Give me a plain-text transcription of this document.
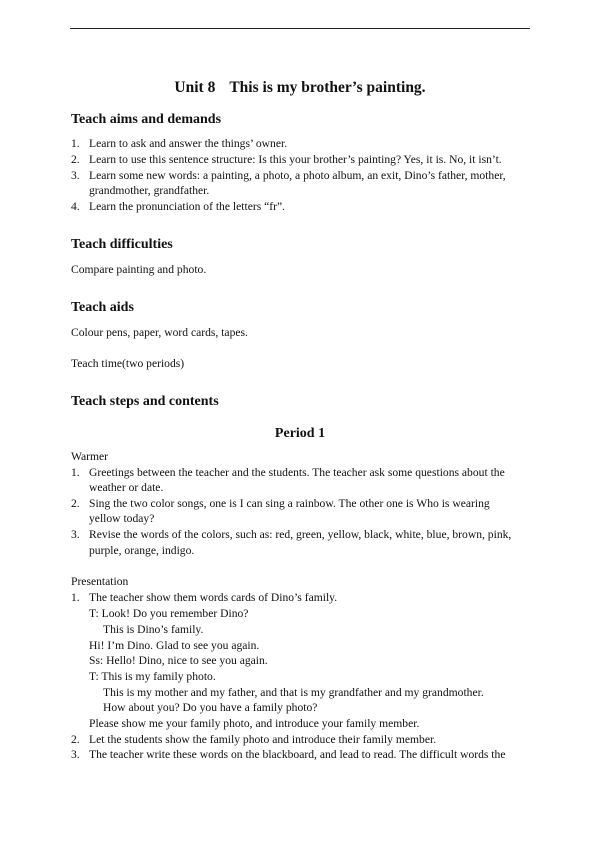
Unit 8 This is my brother’s painting.
Teach aims and demands
1. Learn to ask and answer the things’ owner.
2. Learn to use this sentence structure: Is this your brother’s painting? Yes, it is. No, it isn’t.
3. Learn some new words: a painting, a photo, a photo album, an exit, Dino’s father, mother,
grandmother, grandfather.
4. Learn the pronunciation of the letters “fr”.
Teach difficulties
Compare painting and photo.
Teach aids
Colour pens, paper, word cards, tapes.
Teach time(two periods)
Teach steps and contents
Period 1
Warmer
1. Greetings between the teacher and the students. The teacher ask some questions about the
weather or date.
2. Sing the two color songs, one is I can sing a rainbow. The other one is Who is wearing
yellow today?
3. Revise the words of the colors, such as: red, green, yellow, black, white, blue, brown, pink,
purple, orange, indigo.
Presentation
1. The teacher show them words cards of Dino’s family.
T: Look! Do you remember Dino?
This is Dino’s family.
Hi! I’m Dino. Glad to see you again.
Ss: Hello! Dino, nice to see you again.
T: This is my family photo.
This is my mother and my father, and that is my grandfather and my grandmother.
How about you? Do you have a family photo?
Please show me your family photo, and introduce your family member.
2. Let the students show the family photo and introduce their family member.
3. The teacher write these words on the blackboard, and lead to read. The difficult words the
